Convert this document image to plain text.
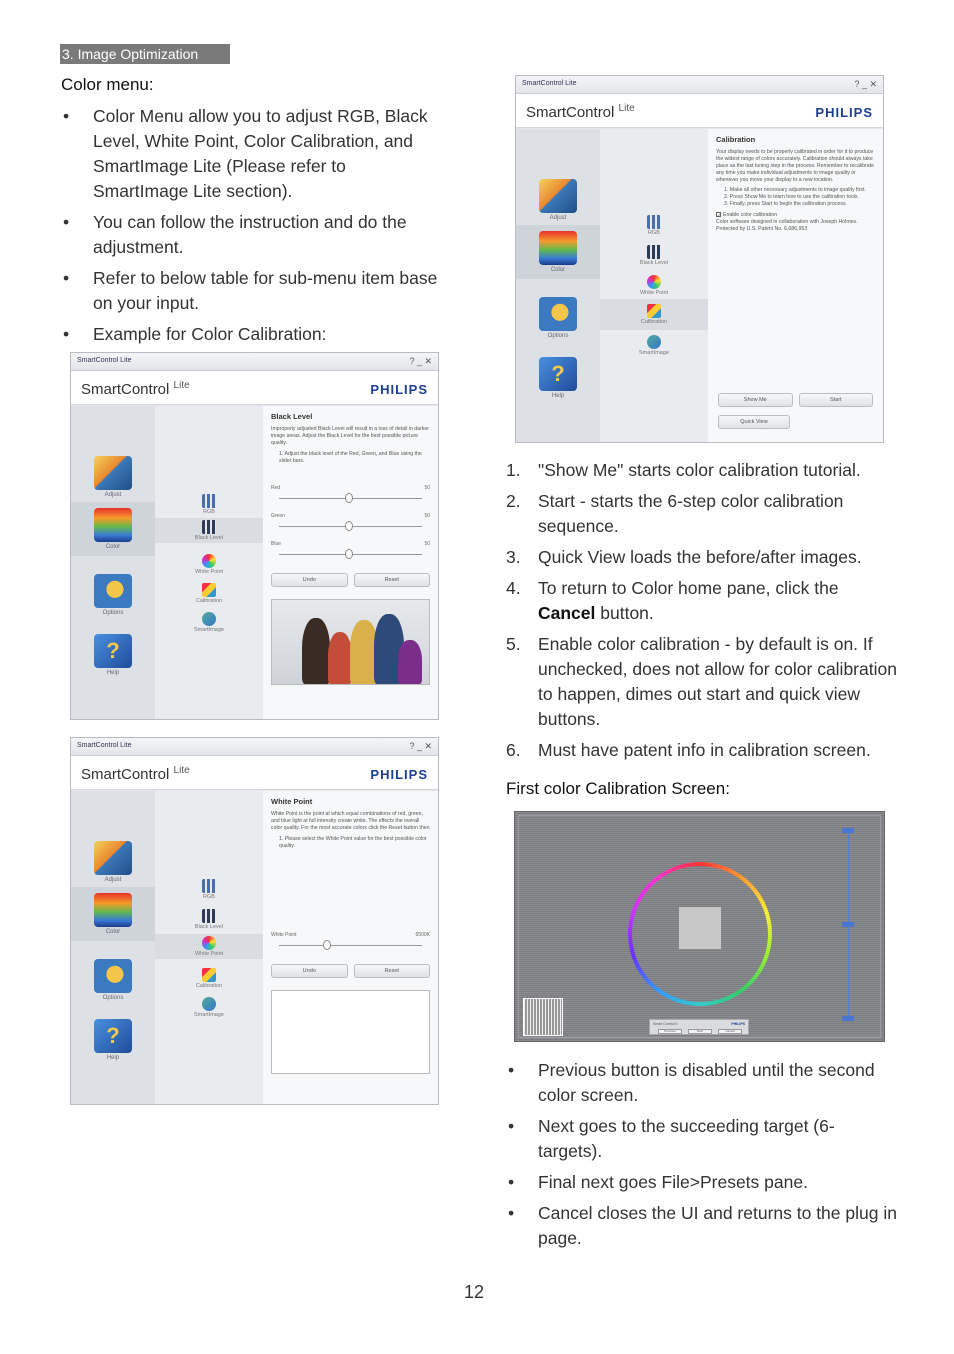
3. Image Optimization
Color menu:
• Color Menu allow you to adjust RGB, Black Level, White Point, Color Calibration, and SmartImage Lite (Please refer to SmartImage Lite section).
• You can follow the instruction and do the adjustment.
• Refer to below table for sub-menu item base on your input.
• Example for Color Calibration:
SmartControl Lite	? _ ✕
SmartControl $^{Lite}$	PHILIPS
Adjust
Color
Options
?
Help
RGB
Black Level
White Point
Calibration
SmartImage
Black Level
Improperly adjusted Black Level will result in a loss of detail in darker image areas. Adjust the Black Level for the best possible picture quality.
1. Adjust the black level of the Red, Green, and Blue using the slider bars.
Red	50
Green	50
Blue	50
Undo	Reset
SmartControl Lite	? _ ✕
SmartControl $^{Lite}$	PHILIPS
Adjust
Color
Options
?
Help
RGB
Black Level
White Point
Calibration
SmartImage
White Point
White Point is the point at which equal combinations of red, green, and blue light at full intensity create white. The effects the overall color quality. For the most accurate colors click the Reset button then
1. Please select the White Point value for the best possible color quality.
White Point	6500K
Undo	Reset
SmartControl Lite	? _ ✕
SmartControl $^{Lite}$	PHILIPS
Adjust
Color
Options
?
Help
RGB
Black Level
White Point
Calibration
SmartImage
Calibration
Your display needs to be properly calibrated in order for it to produce the widest range of colors accurately. Calibration should always take place as the last tuning step in the process. Remember to recalibrate any time you make individual adjustments to image quality or whenever you move your display to a new location.
1. Make all other necessary adjustments to image quality first.
2. Press Show Me to learn how to use the calibration tools.
3. Finally, press Start to begin the calibration process.
✓ Enable color calibration
Color software designed in collaboration with Joseph Holmes.
Protected by U.S. Patent No. 6,686,953
Show Me	Start
Quick View
1. "Show Me" starts color calibration tutorial.
2. Start - starts the 6-step color calibration sequence.
3. Quick View loads the before/after images.
4. To return to Color home pane, click the Cancel button.
5. Enable color calibration - by default is on. If unchecked, does not allow for color calibration to happen, dimes out start and quick view buttons.
6. Must have patent info in calibration screen.
First color Calibration Screen:
Smart Control II	PHILIPS
Previous	Next	Cancel
• Previous button is disabled until the second color screen.
• Next goes to the succeeding target (6-targets).
• Final next goes File>Presets pane.
• Cancel closes the UI and returns to the plug in page.
12
